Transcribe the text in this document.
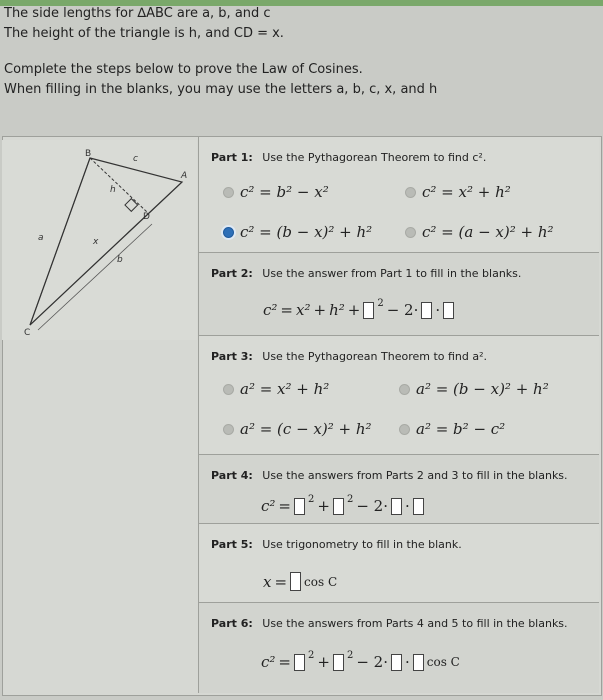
The side lengths for ∆ABC are a, b, and c
The height of the triangle is h, and CD = x.
Complete the steps below to prove the Law of Cosines.
When filling in the blanks, you may use the letters a, b, c, x, and h
B	c
A
h
D
a	x
b
C
Part 1: Use the Pythagorean Theorem to find c².
c² = b² − x²	c² = x² + h²
c² = (b − x)² + h²	c² = (a − x)² + h²
Part 2: Use the answer from Part 1 to fill in the blanks.
c² = x² + h² + 2 − 2· ·
Part 3: Use the Pythagorean Theorem to find a².
a² = x² + h²	a² = (b − x)² + h²
a² = (c − x)² + h²	a² = b² − c²
Part 4: Use the answers from Parts 2 and 3 to fill in the blanks.
c² = 2 + 2 − 2· ·
Part 5: Use trigonometry to fill in the blank.
x = cos C
Part 6: Use the answers from Parts 4 and 5 to fill in the blanks.
c² = 2 + 2 − 2· · cos C
